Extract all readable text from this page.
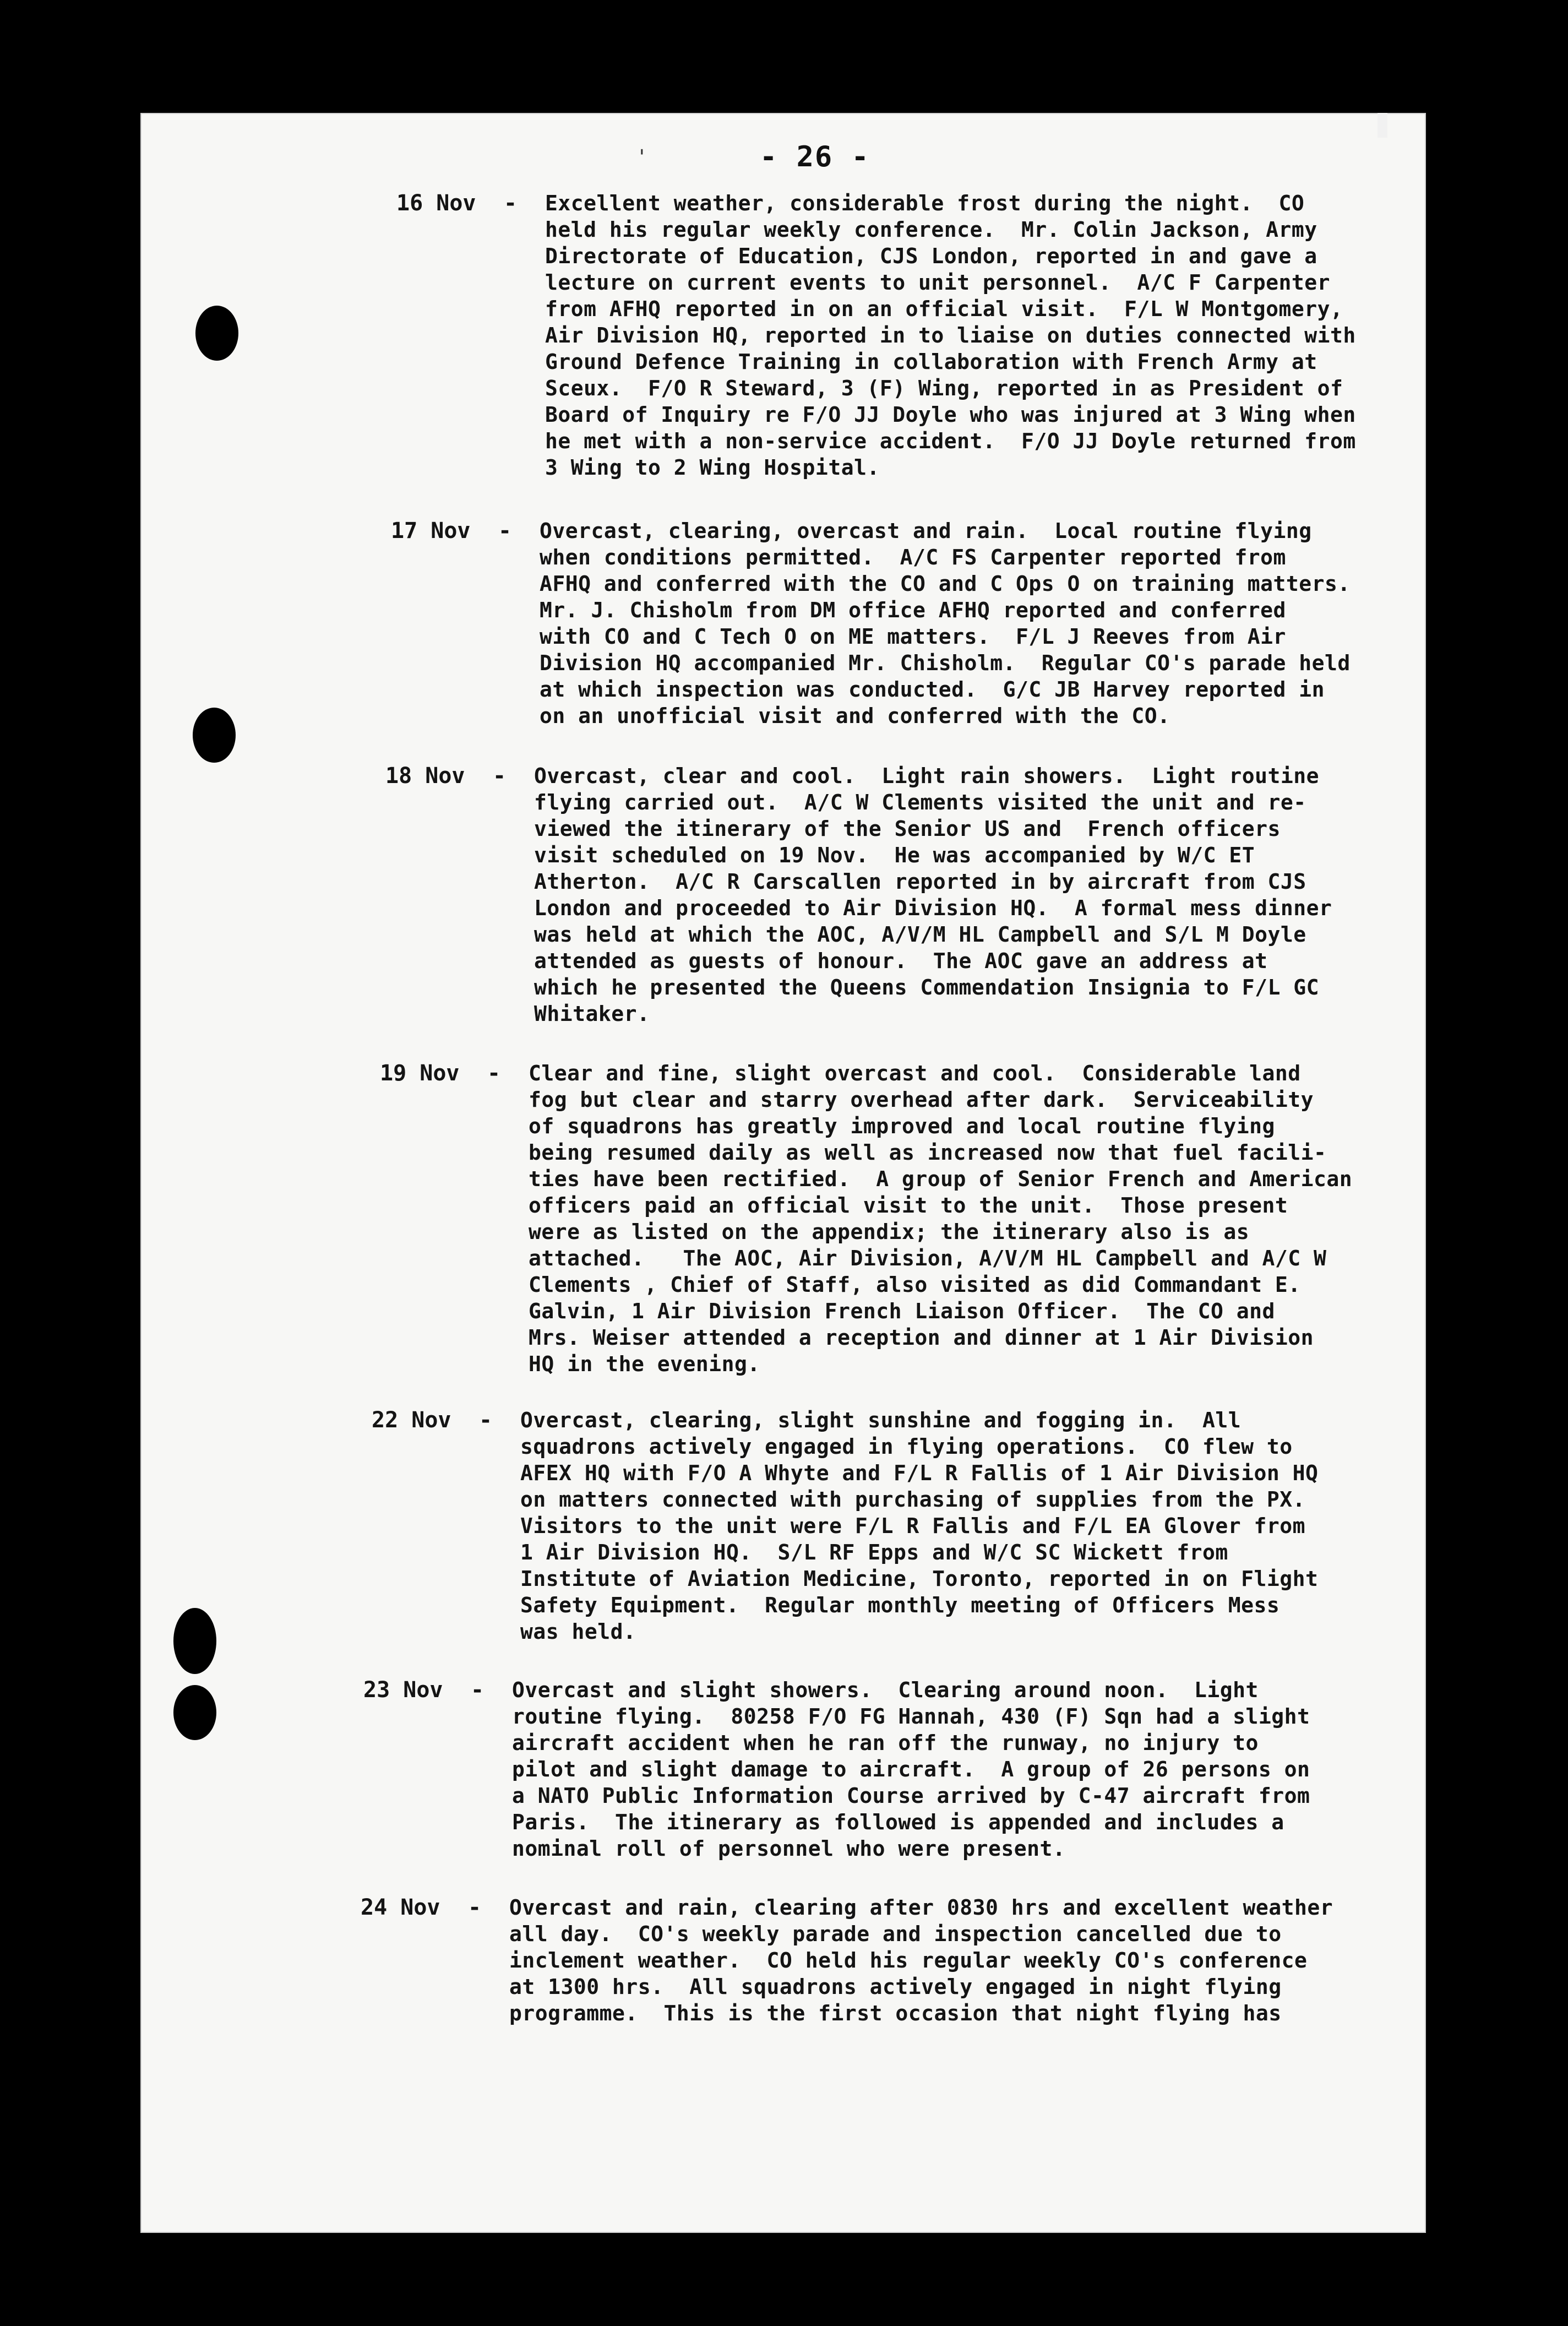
'	- 26 -
16 Nov - Excellent weather, considerable frost during the night.  CO
held his regular weekly conference.  Mr. Colin Jackson, Army
Directorate of Education, CJS London, reported in and gave a
lecture on current events to unit personnel.  A/C F Carpenter
from AFHQ reported in on an official visit.  F/L W Montgomery,
Air Division HQ, reported in to liaise on duties connected with
Ground Defence Training in collaboration with French Army at
Sceux.  F/O R Steward, 3 (F) Wing, reported in as President of
Board of Inquiry re F/O JJ Doyle who was injured at 3 Wing when
he met with a non-service accident.  F/O JJ Doyle returned from
3 Wing to 2 Wing Hospital.
17 Nov - Overcast, clearing, overcast and rain.  Local routine flying
when conditions permitted.  A/C FS Carpenter reported from
AFHQ and conferred with the CO and C Ops O on training matters.
Mr. J. Chisholm from DM office AFHQ reported and conferred
with CO and C Tech O on ME matters.  F/L J Reeves from Air
Division HQ accompanied Mr. Chisholm.  Regular CO's parade held
at which inspection was conducted.  G/C JB Harvey reported in
on an unofficial visit and conferred with the CO.
18 Nov - Overcast, clear and cool.  Light rain showers.  Light routine
flying carried out.  A/C W Clements visited the unit and re-
viewed the itinerary of the Senior US and  French officers
visit scheduled on 19 Nov.  He was accompanied by W/C ET
Atherton.  A/C R Carscallen reported in by aircraft from CJS
London and proceeded to Air Division HQ.  A formal mess dinner
was held at which the AOC, A/V/M HL Campbell and S/L M Doyle
attended as guests of honour.  The AOC gave an address at
which he presented the Queens Commendation Insignia to F/L GC
Whitaker.
19 Nov - Clear and fine, slight overcast and cool.  Considerable land
fog but clear and starry overhead after dark.  Serviceability
of squadrons has greatly improved and local routine flying
being resumed daily as well as increased now that fuel facili-
ties have been rectified.  A group of Senior French and American
officers paid an official visit to the unit.  Those present
were as listed on the appendix; the itinerary also is as
attached.   The AOC, Air Division, A/V/M HL Campbell and A/C W
Clements , Chief of Staff, also visited as did Commandant E.
Galvin, 1 Air Division French Liaison Officer.  The CO and
Mrs. Weiser attended a reception and dinner at 1 Air Division
HQ in the evening.
22 Nov - Overcast, clearing, slight sunshine and fogging in.  All
squadrons actively engaged in flying operations.  CO flew to
AFEX HQ with F/O A Whyte and F/L R Fallis of 1 Air Division HQ
on matters connected with purchasing of supplies from the PX.
Visitors to the unit were F/L R Fallis and F/L EA Glover from
1 Air Division HQ.  S/L RF Epps and W/C SC Wickett from
Institute of Aviation Medicine, Toronto, reported in on Flight
Safety Equipment.  Regular monthly meeting of Officers Mess
was held.
23 Nov - Overcast and slight showers.  Clearing around noon.  Light
routine flying.  80258 F/O FG Hannah, 430 (F) Sqn had a slight
aircraft accident when he ran off the runway, no injury to
pilot and slight damage to aircraft.  A group of 26 persons on
a NATO Public Information Course arrived by C-47 aircraft from
Paris.  The itinerary as followed is appended and includes a
nominal roll of personnel who were present.
24 Nov - Overcast and rain, clearing after 0830 hrs and excellent weather
all day.  CO's weekly parade and inspection cancelled due to
inclement weather.  CO held his regular weekly CO's conference
at 1300 hrs.  All squadrons actively engaged in night flying
programme.  This is the first occasion that night flying has
